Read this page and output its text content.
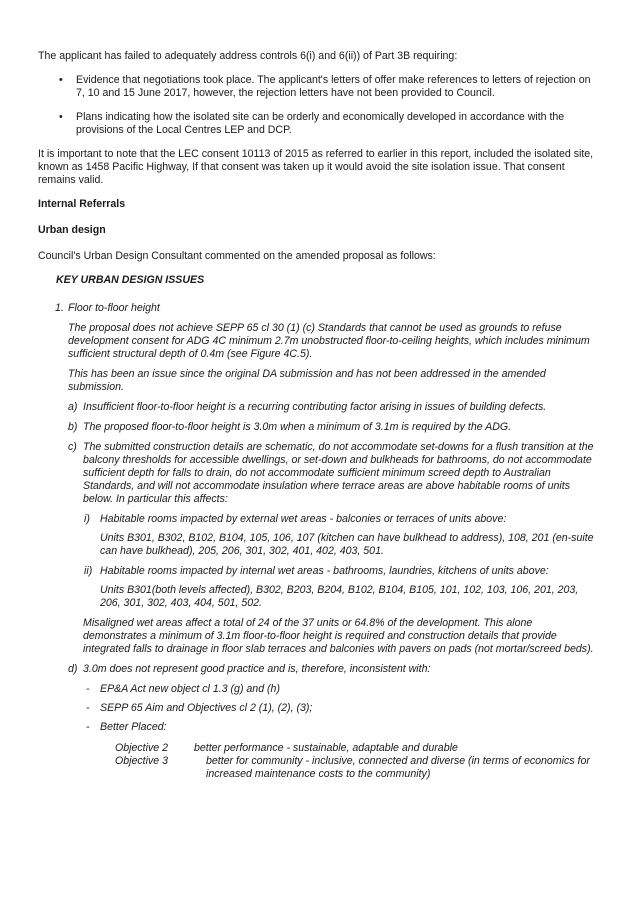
The applicant has failed to adequately address controls 6(i) and 6(ii)) of Part 3B requiring:

• Evidence that negotiations took place. The applicant's letters of offer make references to letters of rejection on 7, 10 and 15 June 2017, however, the rejection letters have not been provided to Council.

• Plans indicating how the isolated site can be orderly and economically developed in accordance with the provisions of the Local Centres LEP and DCP.

It is important to note that the LEC consent 10113 of 2015 as referred to earlier in this report, included the isolated site, known as 1458 Pacific Highway, If that consent was taken up it would avoid the site isolation issue. That consent remains valid.

Internal Referrals

Urban design

Council's Urban Design Consultant commented on the amended proposal as follows:

KEY URBAN DESIGN ISSUES

1. Floor to-floor height

The proposal does not achieve SEPP 65 cl 30 (1) (c) Standards that cannot be used as grounds to refuse development consent for ADG 4C minimum 2.7m unobstructed floor-to-ceiling heights, which includes minimum sufficient structural depth of 0.4m (see Figure 4C.5).

This has been an issue since the original DA submission and has not been addressed in the amended submission.

a) Insufficient floor-to-floor height is a recurring contributing factor arising in issues of building defects.

b) The proposed floor-to-floor height is 3.0m when a minimum of 3.1m is required by the ADG.

c) The submitted construction details are schematic, do not accommodate set-downs for a flush transition at the balcony thresholds for accessible dwellings, or set-down and bulkheads for bathrooms, do not accommodate sufficient depth for falls to drain, do not accommodate sufficient minimum screed depth to Australian Standards, and will not accommodate insulation where terrace areas are above habitable rooms of units below. In particular this affects:

i) Habitable rooms impacted by external wet areas - balconies or terraces of units above:

Units B301, B302, B102, B104, 105, 106, 107 (kitchen can have bulkhead to address), 108, 201 (en-suite can have bulkhead), 205, 206, 301, 302, 401, 402, 403, 501.

ii) Habitable rooms impacted by internal wet areas - bathrooms, laundries, kitchens of units above:

Units B301(both levels affected), B302, B203, B204, B102, B104, B105, 101, 102, 103, 106, 201, 203, 206, 301, 302, 403, 404, 501, 502.

Misaligned wet areas affect a total of 24 of the 37 units or 64.8% of the development. This alone demonstrates a minimum of 3.1m floor-to-floor height is required and construction details that provide integrated falls to drainage in floor slab terraces and balconies with pavers on pads (not mortar/screed beds).

d) 3.0m does not represent good practice and is, therefore, inconsistent with:

- EP&A Act new object cl 1.3 (g) and (h)

- SEPP 65 Aim and Objectives cl 2 (1), (2), (3);

- Better Placed:

Objective 2 better performance - sustainable, adaptable and durable
Objective 3	better for community - inclusive, connected and diverse (in terms of economics for increased maintenance costs to the community)
